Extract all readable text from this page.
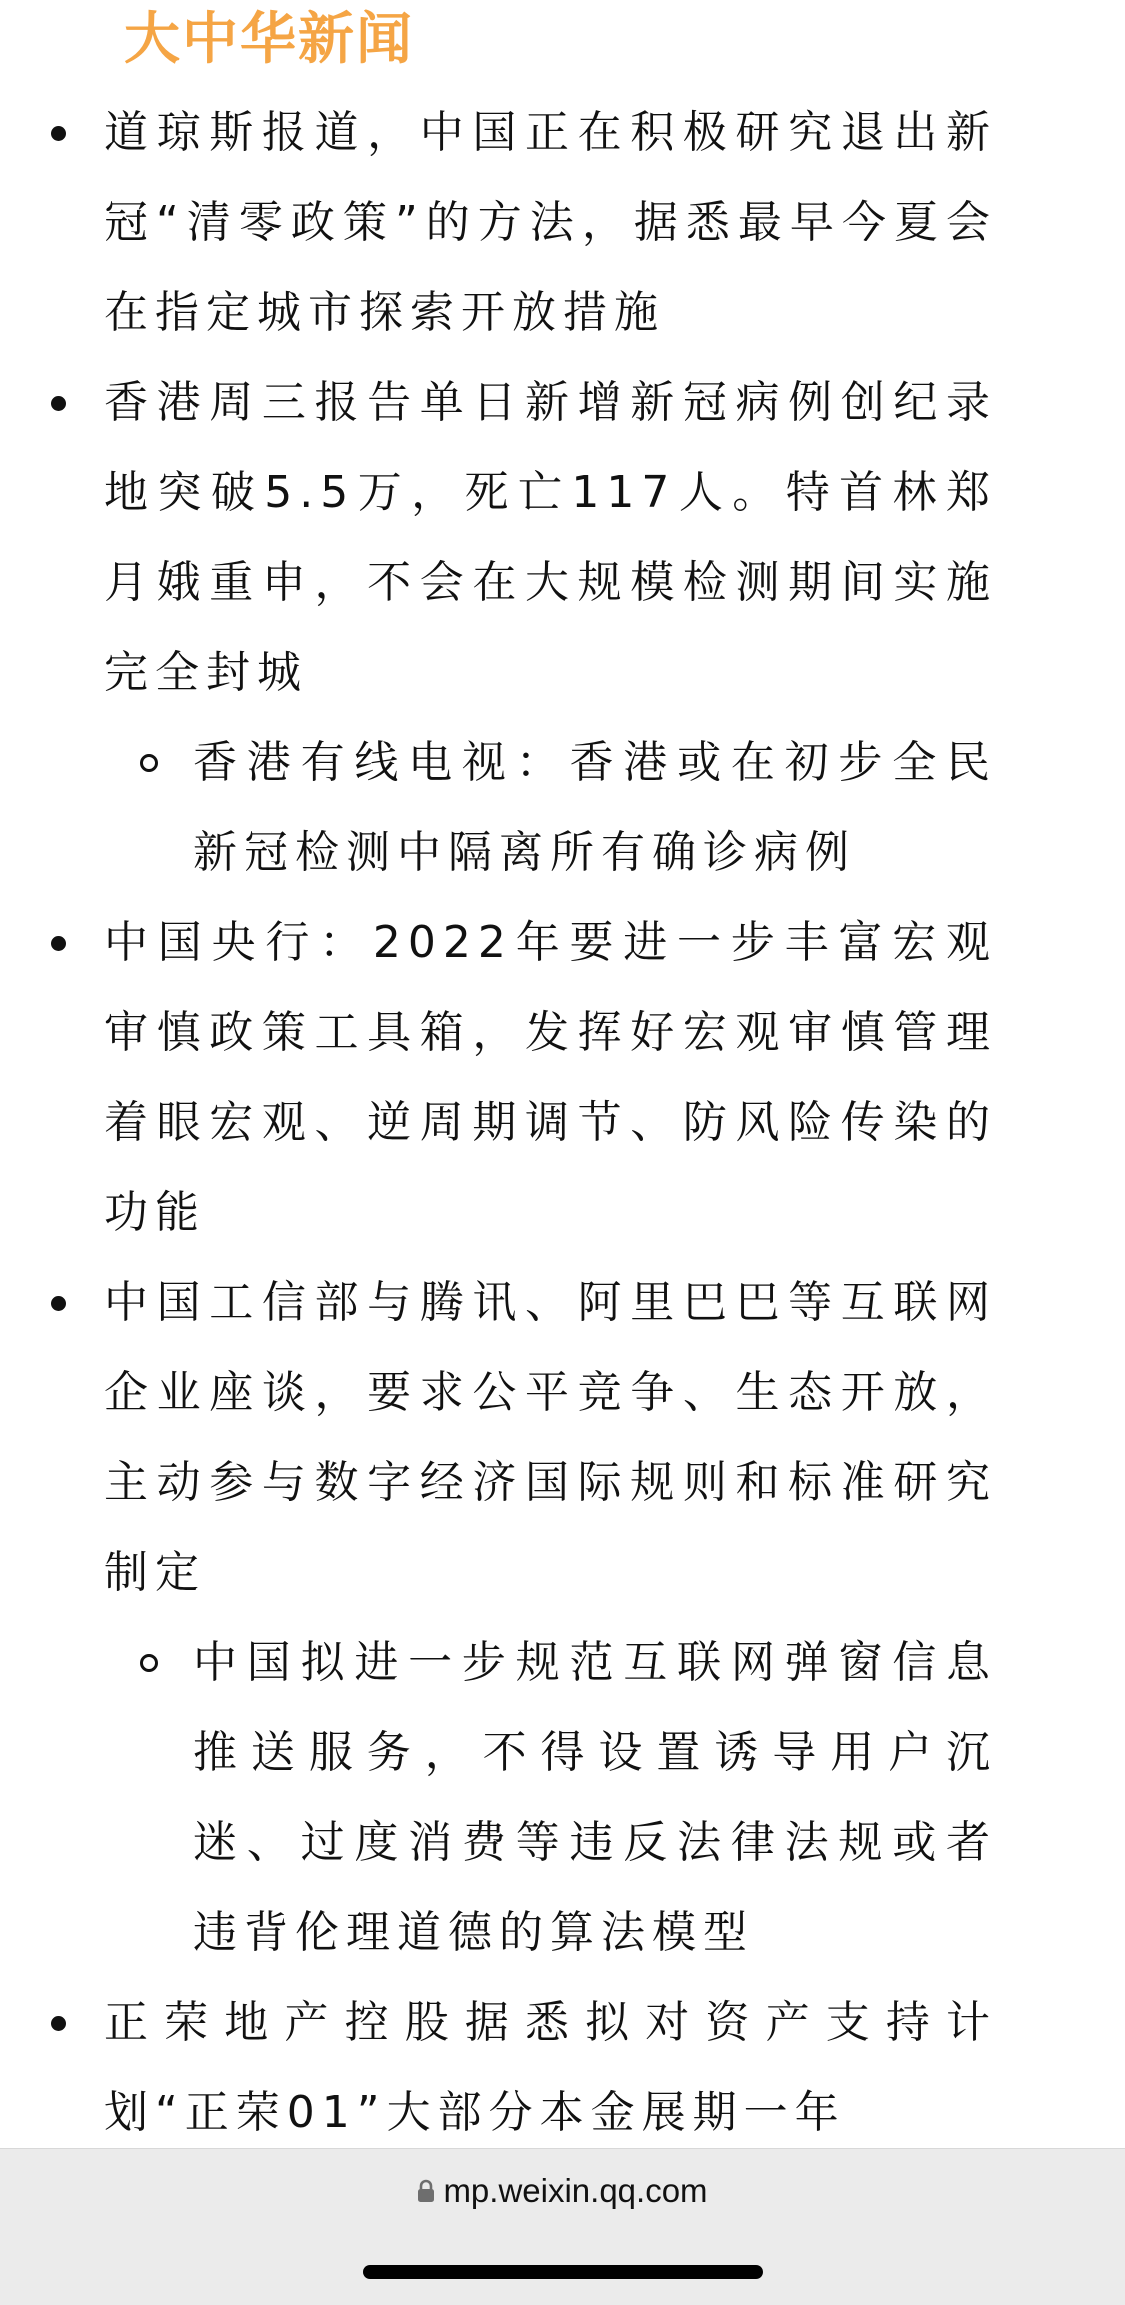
大中华新闻
道琼斯报道，中国正在积极研究退出新冠“清零政策”的方法，据悉最早今夏会在指定城市探索开放措施
香港周三报告单日新增新冠病例创纪录地突破5.5万，死亡117人。特首林郑月娥重申，不会在大规模检测期间实施完全封城
香港有线电视：香港或在初步全民新冠检测中隔离所有确诊病例
中国央行：2022年要进一步丰富宏观审慎政策工具箱，发挥好宏观审慎管理着眼宏观、逆周期调节、防风险传染的功能
中国工信部与腾讯、阿里巴巴等互联网企业座谈，要求公平竞争、生态开放，主动参与数字经济国际规则和标准研究制定
中国拟进一步规范互联网弹窗信息推送服务，不得设置诱导用户沉迷、过度消费等违反法律法规或者违背伦理道德的算法模型
正荣地产控股据悉拟对资产支持计划“正荣01”大部分本金展期一年
mp.weixin.qq.com
